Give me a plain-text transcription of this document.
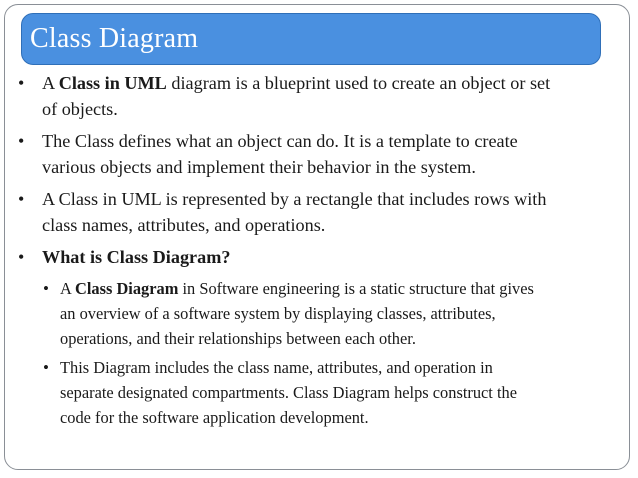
Class Diagram
• A Class in UML diagram is a blueprint used to create an object or set
of objects.
• The Class defines what an object can do. It is a template to create
various objects and implement their behavior in the system.
• A Class in UML is represented by a rectangle that includes rows with
class names, attributes, and operations.
• What is Class Diagram?
• A Class Diagram in Software engineering is a static structure that gives
an overview of a software system by displaying classes, attributes,
operations, and their relationships between each other.
• This Diagram includes the class name, attributes, and operation in
separate designated compartments. Class Diagram helps construct the
code for the software application development.
